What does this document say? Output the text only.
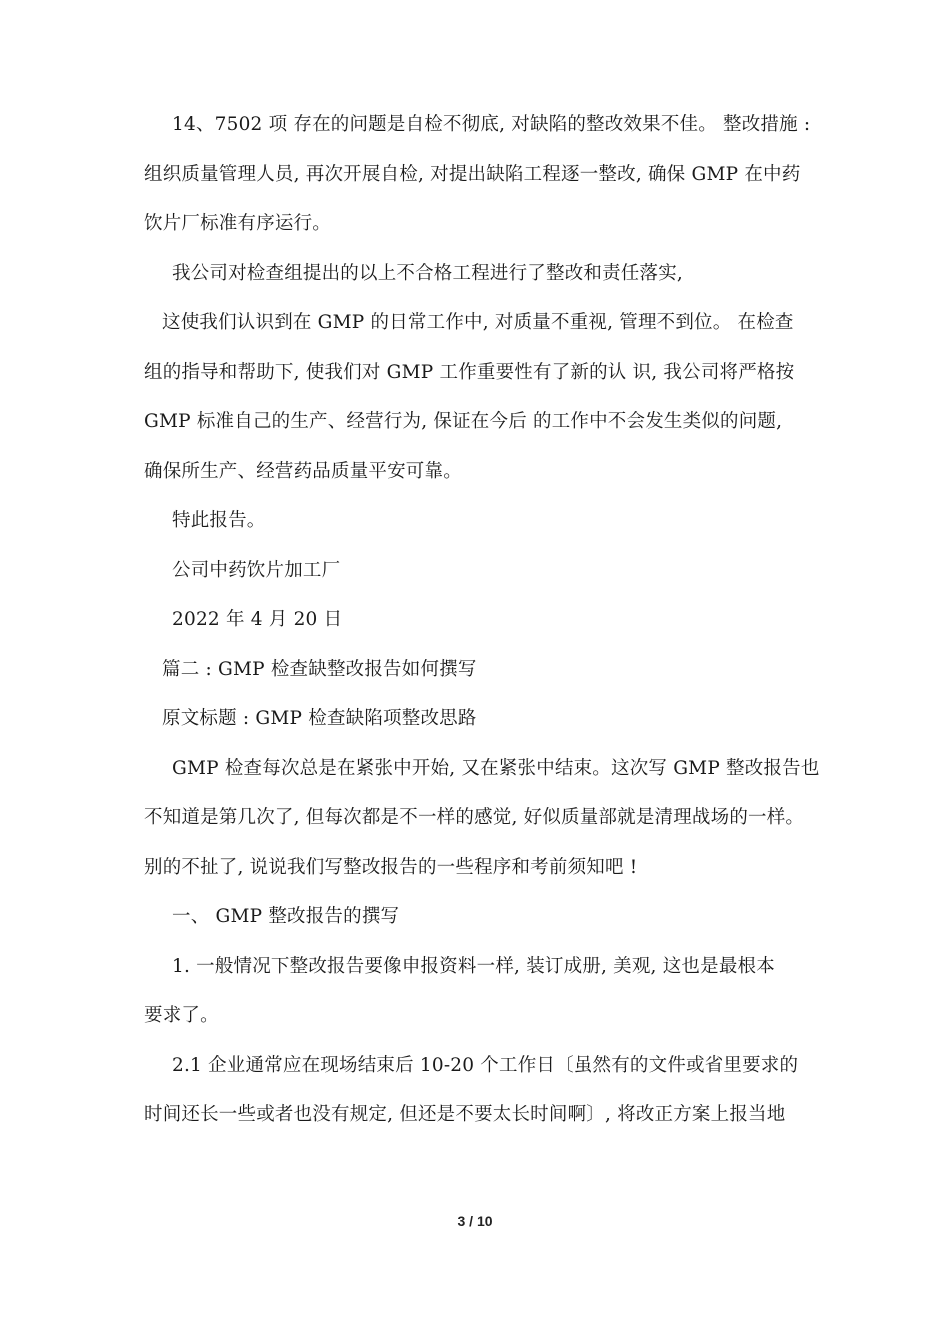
14、7502 项 存在的问题是自检不彻底, 对缺陷的整改效果不佳。 整改措施 :
组织质量管理人员, 再次开展自检, 对提出缺陷工程逐一整改, 确保 GMP 在中药
饮片厂标准有序运行。
我公司对检查组提出的以上不合格工程进行了整改和责任落实,
这使我们认识到在 GMP 的日常工作中, 对质量不重视, 管理不到位。 在检查
组的指导和帮助下, 使我们对 GMP 工作重要性有了新的认 识, 我公司将严格按
GMP 标准自己的生产、经营行为, 保证在今后 的工作中不会发生类似的问题,
确保所生产、经营药品质量平安可靠。
特此报告。
公司中药饮片加工厂
2022 年 4 月 20 日
篇二 : GMP 检查缺整改报告如何撰写
原文标题 : GMP 检查缺陷项整改思路
GMP 检查每次总是在紧张中开始, 又在紧张中结束。这次写 GMP 整改报告也
不知道是第几次了, 但每次都是不一样的感觉, 好似质量部就是清理战场的一样。
别的不扯了, 说说我们写整改报告的一些程序和考前须知吧 !
一、 GMP 整改报告的撰写
1. 一般情况下整改报告要像申报资料一样, 装订成册, 美观, 这也是最根本
要求了。
2.1 企业通常应在现场结束后 10-20 个工作日〔虽然有的文件或省里要求的
时间还长一些或者也没有规定, 但还是不要太长时间啊〕, 将改正方案上报当地
3 / 10
